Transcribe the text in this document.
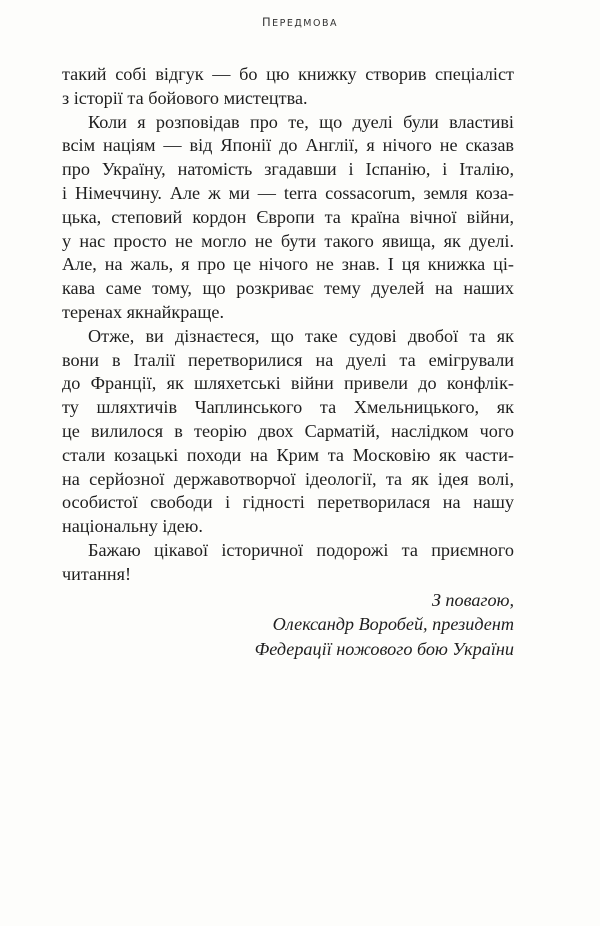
ПЕРЕДМОВА
такий собі відгук — бо цю книжку створив спеціаліст
з історії та бойового мистецтва.
Коли я розповідав про те, що дуелі були властиві
всім націям — від Японії до Англії, я нічого не сказав
про Україну, натомість згадавши і Іспанію, і Італію,
і Німеччину. Але ж ми — terra cossacorum, земля коза-
цька, степовий кордон Європи та країна вічної війни,
у нас просто не могло не бути такого явища, як дуелі.
Але, на жаль, я про це нічого не знав. І ця книжка ці-
кава саме тому, що розкриває тему дуелей на наших
теренах якнайкраще.
Отже, ви дізнаєтеся, що таке судові двобої та як
вони в Італії перетворилися на дуелі та емігрували
до Франції, як шляхетські війни привели до конфлік-
ту шляхтичів Чаплинського та Хмельницького, як
це вилилося в теорію двох Сарматій, наслідком чого
стали козацькі походи на Крим та Московію як части-
на серйозної державотворчої ідеології, та як ідея волі,
особистої свободи і гідності перетворилася на нашу
національну ідею.
Бажаю цікавої історичної подорожі та приємного
читання!
З повагою,
Олександр Воробей, президент
Федерації ножового бою України
